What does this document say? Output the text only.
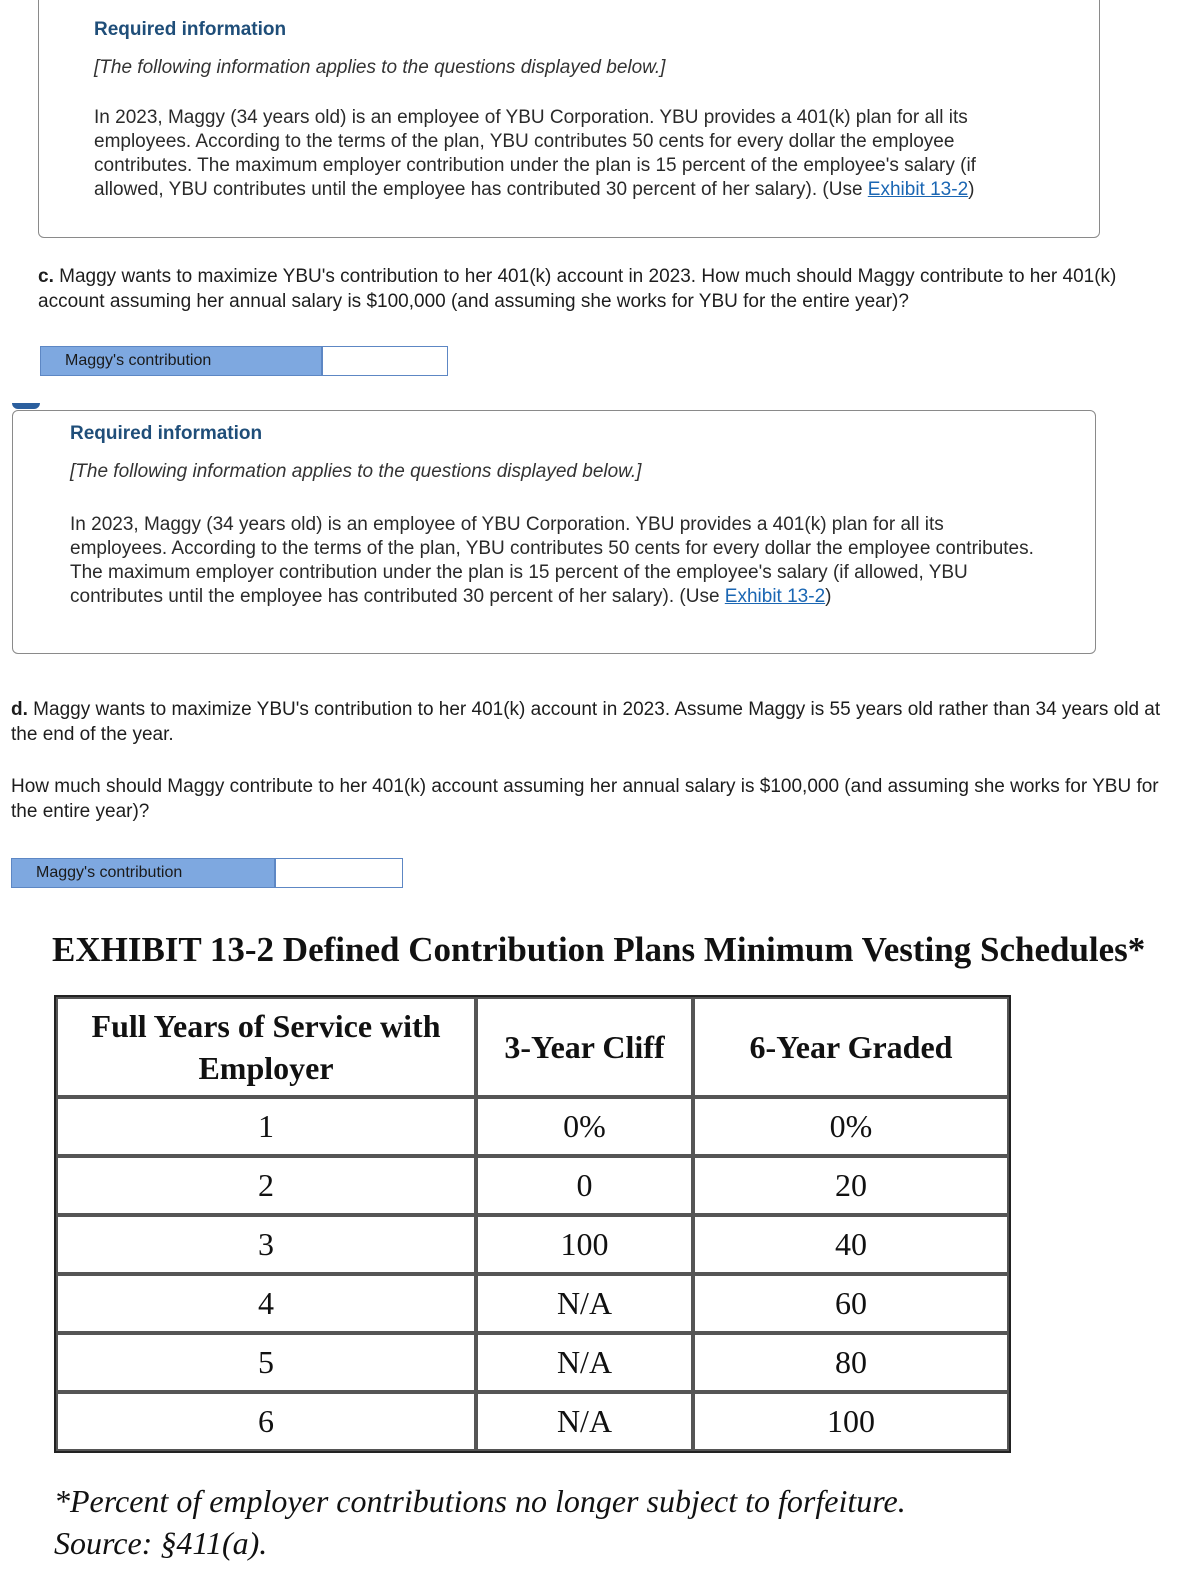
Required information
[The following information applies to the questions displayed below.]
In 2023, Maggy (34 years old) is an employee of YBU Corporation. YBU provides a 401(k) plan for all its employees. According to the terms of the plan, YBU contributes 50 cents for every dollar the employee contributes. The maximum employer contribution under the plan is 15 percent of the employee's salary (if allowed, YBU contributes until the employee has contributed 30 percent of her salary). (Use Exhibit 13-2)
c. Maggy wants to maximize YBU's contribution to her 401(k) account in 2023. How much should Maggy contribute to her 401(k) account assuming her annual salary is $100,000 (and assuming she works for YBU for the entire year)?
Maggy's contribution
Required information
[The following information applies to the questions displayed below.]
In 2023, Maggy (34 years old) is an employee of YBU Corporation. YBU provides a 401(k) plan for all its employees. According to the terms of the plan, YBU contributes 50 cents for every dollar the employee contributes. The maximum employer contribution under the plan is 15 percent of the employee's salary (if allowed, YBU contributes until the employee has contributed 30 percent of her salary). (Use Exhibit 13-2)
d. Maggy wants to maximize YBU's contribution to her 401(k) account in 2023. Assume Maggy is 55 years old rather than 34 years old at the end of the year.
How much should Maggy contribute to her 401(k) account assuming her annual salary is $100,000 (and assuming she works for YBU for the entire year)?
Maggy's contribution
EXHIBIT 13-2 Defined Contribution Plans Minimum Vesting Schedules*
Full Years of Service with Employer	3-Year Cliff	6-Year Graded
1	0%	0%
2	0	20
3	100	40
4	N/A	60
5	N/A	80
6	N/A	100
*Percent of employer contributions no longer subject to forfeiture.
Source: §411(a).
